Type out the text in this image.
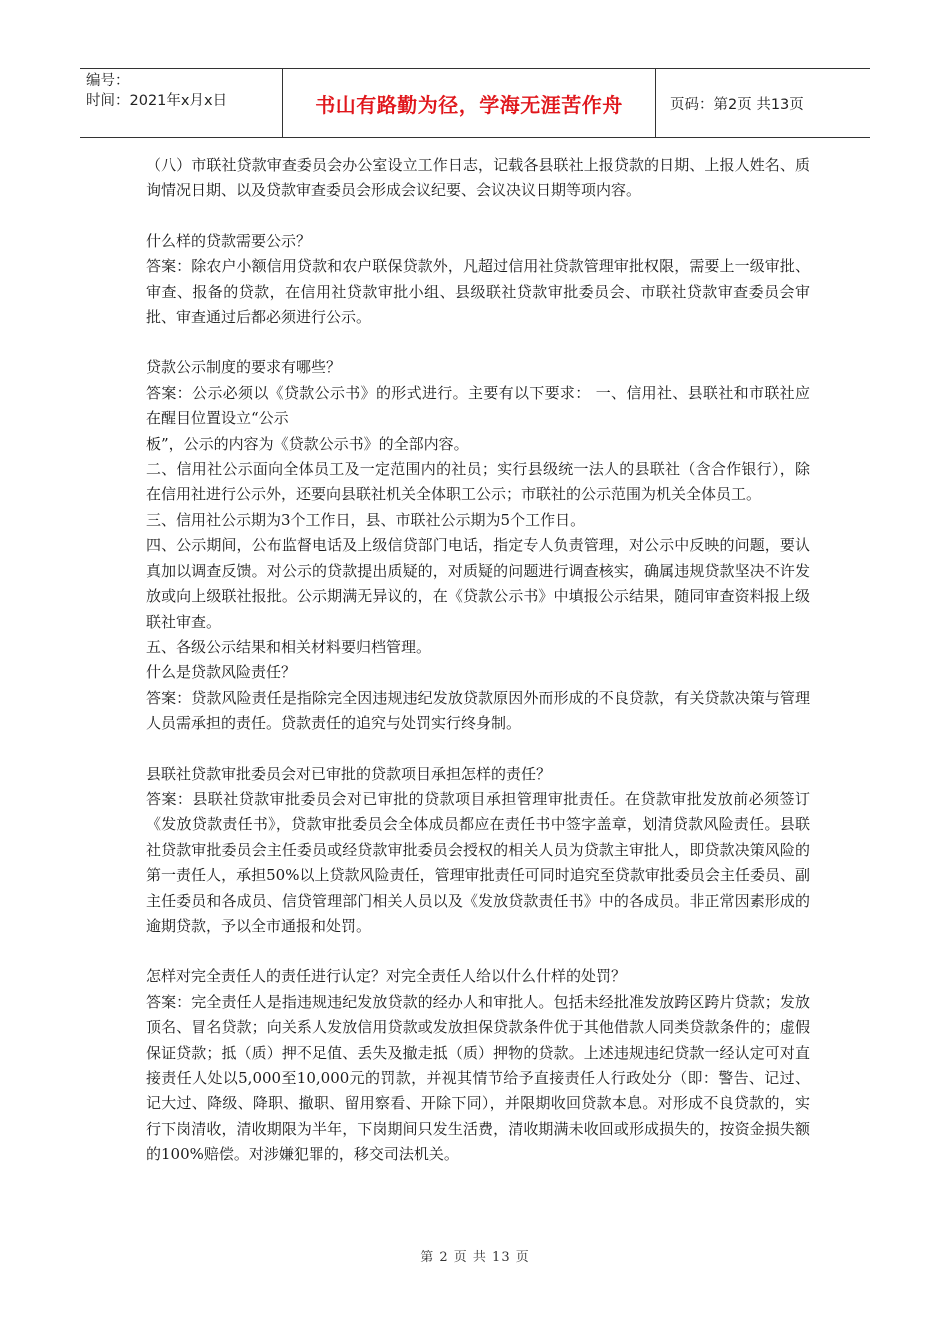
编号：
时间：2021年x月x日	书山有路勤为径，学海无涯苦作舟	页码：第2页 共13页

（八）市联社贷款审查委员会办公室设立工作日志，记载各县联社上报贷款的日期、上报人姓名、质询情况日期、以及贷款审查委员会形成会议纪要、会议决议日期等项内容。

什么样的贷款需要公示？

答案：除农户小额信用贷款和农户联保贷款外，凡超过信用社贷款管理审批权限，需要上一级审批、审查、报备的贷款，在信用社贷款审批小组、县级联社贷款审批委员会、市联社贷款审查委员会审批、审查通过后都必须进行公示。

贷款公示制度的要求有哪些？

答案：公示必须以《贷款公示书》的形式进行。主要有以下要求： 一、信用社、县联社和市联社应在醒目位置设立“公示

板”，公示的内容为《贷款公示书》的全部内容。

二、信用社公示面向全体员工及一定范围内的社员；实行县级统一法人的县联社（含合作银行），除在信用社进行公示外，还要向县联社机关全体职工公示；市联社的公示范围为机关全体员工。

三、信用社公示期为3个工作日，县、市联社公示期为5个工作日。

四、公示期间，公布监督电话及上级信贷部门电话，指定专人负责管理，对公示中反映的问题，要认真加以调查反馈。对公示的贷款提出质疑的，对质疑的问题进行调查核实，确属违规贷款坚决不许发放或向上级联社报批。公示期满无异议的，在《贷款公示书》中填报公示结果，随同审查资料报上级联社审查。

五、各级公示结果和相关材料要归档管理。

什么是贷款风险责任？

答案：贷款风险责任是指除完全因违规违纪发放贷款原因外而形成的不良贷款，有关贷款决策与管理人员需承担的责任。贷款责任的追究与处罚实行终身制。

县联社贷款审批委员会对已审批的贷款项目承担怎样的责任？

答案：县联社贷款审批委员会对已审批的贷款项目承担管理审批责任。在贷款审批发放前必须签订《发放贷款责任书》，贷款审批委员会全体成员都应在责任书中签字盖章，划清贷款风险责任。县联社贷款审批委员会主任委员或经贷款审批委员会授权的相关人员为贷款主审批人，即贷款决策风险的第一责任人，承担50%以上贷款风险责任，管理审批责任可同时追究至贷款审批委员会主任委员、副主任委员和各成员、信贷管理部门相关人员以及《发放贷款责任书》中的各成员。非正常因素形成的逾期贷款，予以全市通报和处罚。

怎样对完全责任人的责任进行认定？对完全责任人给以什么什样的处罚？

答案：完全责任人是指违规违纪发放贷款的经办人和审批人。包括未经批准发放跨区跨片贷款；发放顶名、冒名贷款；向关系人发放信用贷款或发放担保贷款条件优于其他借款人同类贷款条件的；虚假保证贷款；抵（质）押不足值、丢失及撤走抵（质）押物的贷款。上述违规违纪贷款一经认定可对直接责任人处以5,000至10,000元的罚款，并视其情节给予直接责任人行政处分（即：警告、记过、记大过、降级、降职、撤职、留用察看、开除下同），并限期收回贷款本息。对形成不良贷款的，实行下岗清收，清收期限为半年，下岗期间只发生活费，清收期满未收回或形成损失的，按资金损失额的100%赔偿。对涉嫌犯罪的，移交司法机关。

第 2 页 共 13 页
